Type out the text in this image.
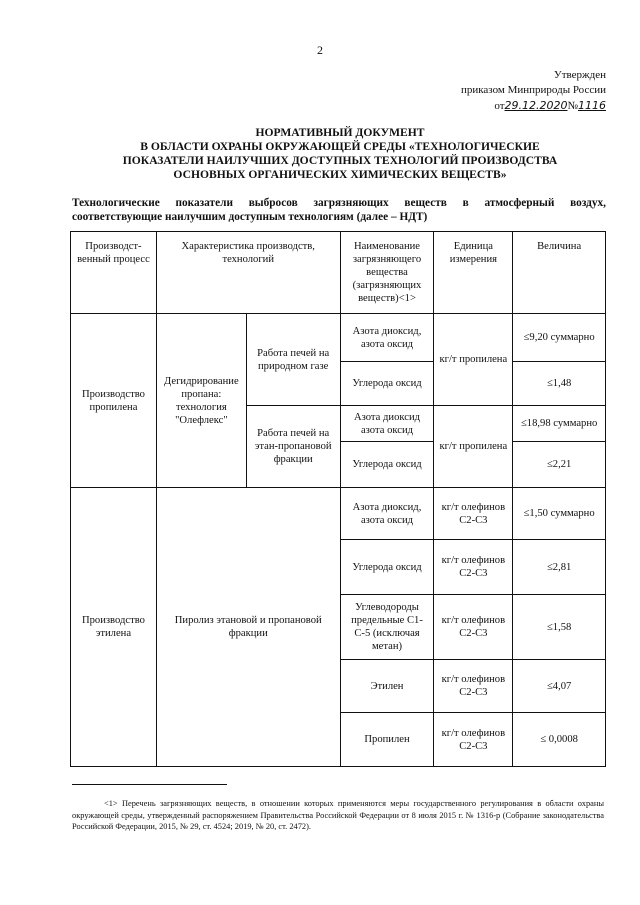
2
Утвержден
приказом Минприроды России
от29.12.2020№1116
НОРМАТИВНЫЙ ДОКУМЕНТ
В ОБЛАСТИ ОХРАНЫ ОКРУЖАЮЩЕЙ СРЕДЫ «ТЕХНОЛОГИЧЕСКИЕ
ПОКАЗАТЕЛИ НАИЛУЧШИХ ДОСТУПНЫХ ТЕХНОЛОГИЙ ПРОИЗВОДСТВА
ОСНОВНЫХ ОРГАНИЧЕСКИХ ХИМИЧЕСКИХ ВЕЩЕСТВ»
Технологические показатели выбросов загрязняющих веществ в атмосферный воздух, соответствующие наилучшим доступным технологиям (далее – НДТ)
Производст-венный процесс	Характеристика производств, технологий		Наименование загрязняющего вещества (загрязняющих веществ)<1>	Единица измерения	Величина
Производство пропилена	Дегидрирование пропана: технология "Олефлекс"	Работа печей на природном газе	Азота диоксид, азота оксид	кг/т пропилена	≤9,20 суммарно
			Углерода оксид		≤1,48
		Работа печей на этан-пропановой фракции	Азота диоксид азота оксид	кг/т пропилена	≤18,98 суммарно
			Углерода оксид		≤2,21
Производство этилена	Пиролиз этановой и пропановой фракции		Азота диоксид, азота оксид	кг/т олефинов С2-С3	≤1,50 суммарно
			Углерода оксид	кг/т олефинов С2-С3	≤2,81
			Углеводороды предельные С1-С-5 (исключая метан)	кг/т олефинов С2-С3	≤1,58
			Этилен	кг/т олефинов С2-С3	≤4,07
			Пропилен	кг/т олефинов С2-С3	≤ 0,0008
<1> Перечень загрязняющих веществ, в отношении которых применяются меры государственного регулирования в области охраны окружающей среды, утвержденный распоряжением Правительства Российской Федерации от 8 июля 2015 г. № 1316-р (Собрание законодательства Российской Федерации, 2015, № 29, ст. 4524; 2019, № 20, ст. 2472).
